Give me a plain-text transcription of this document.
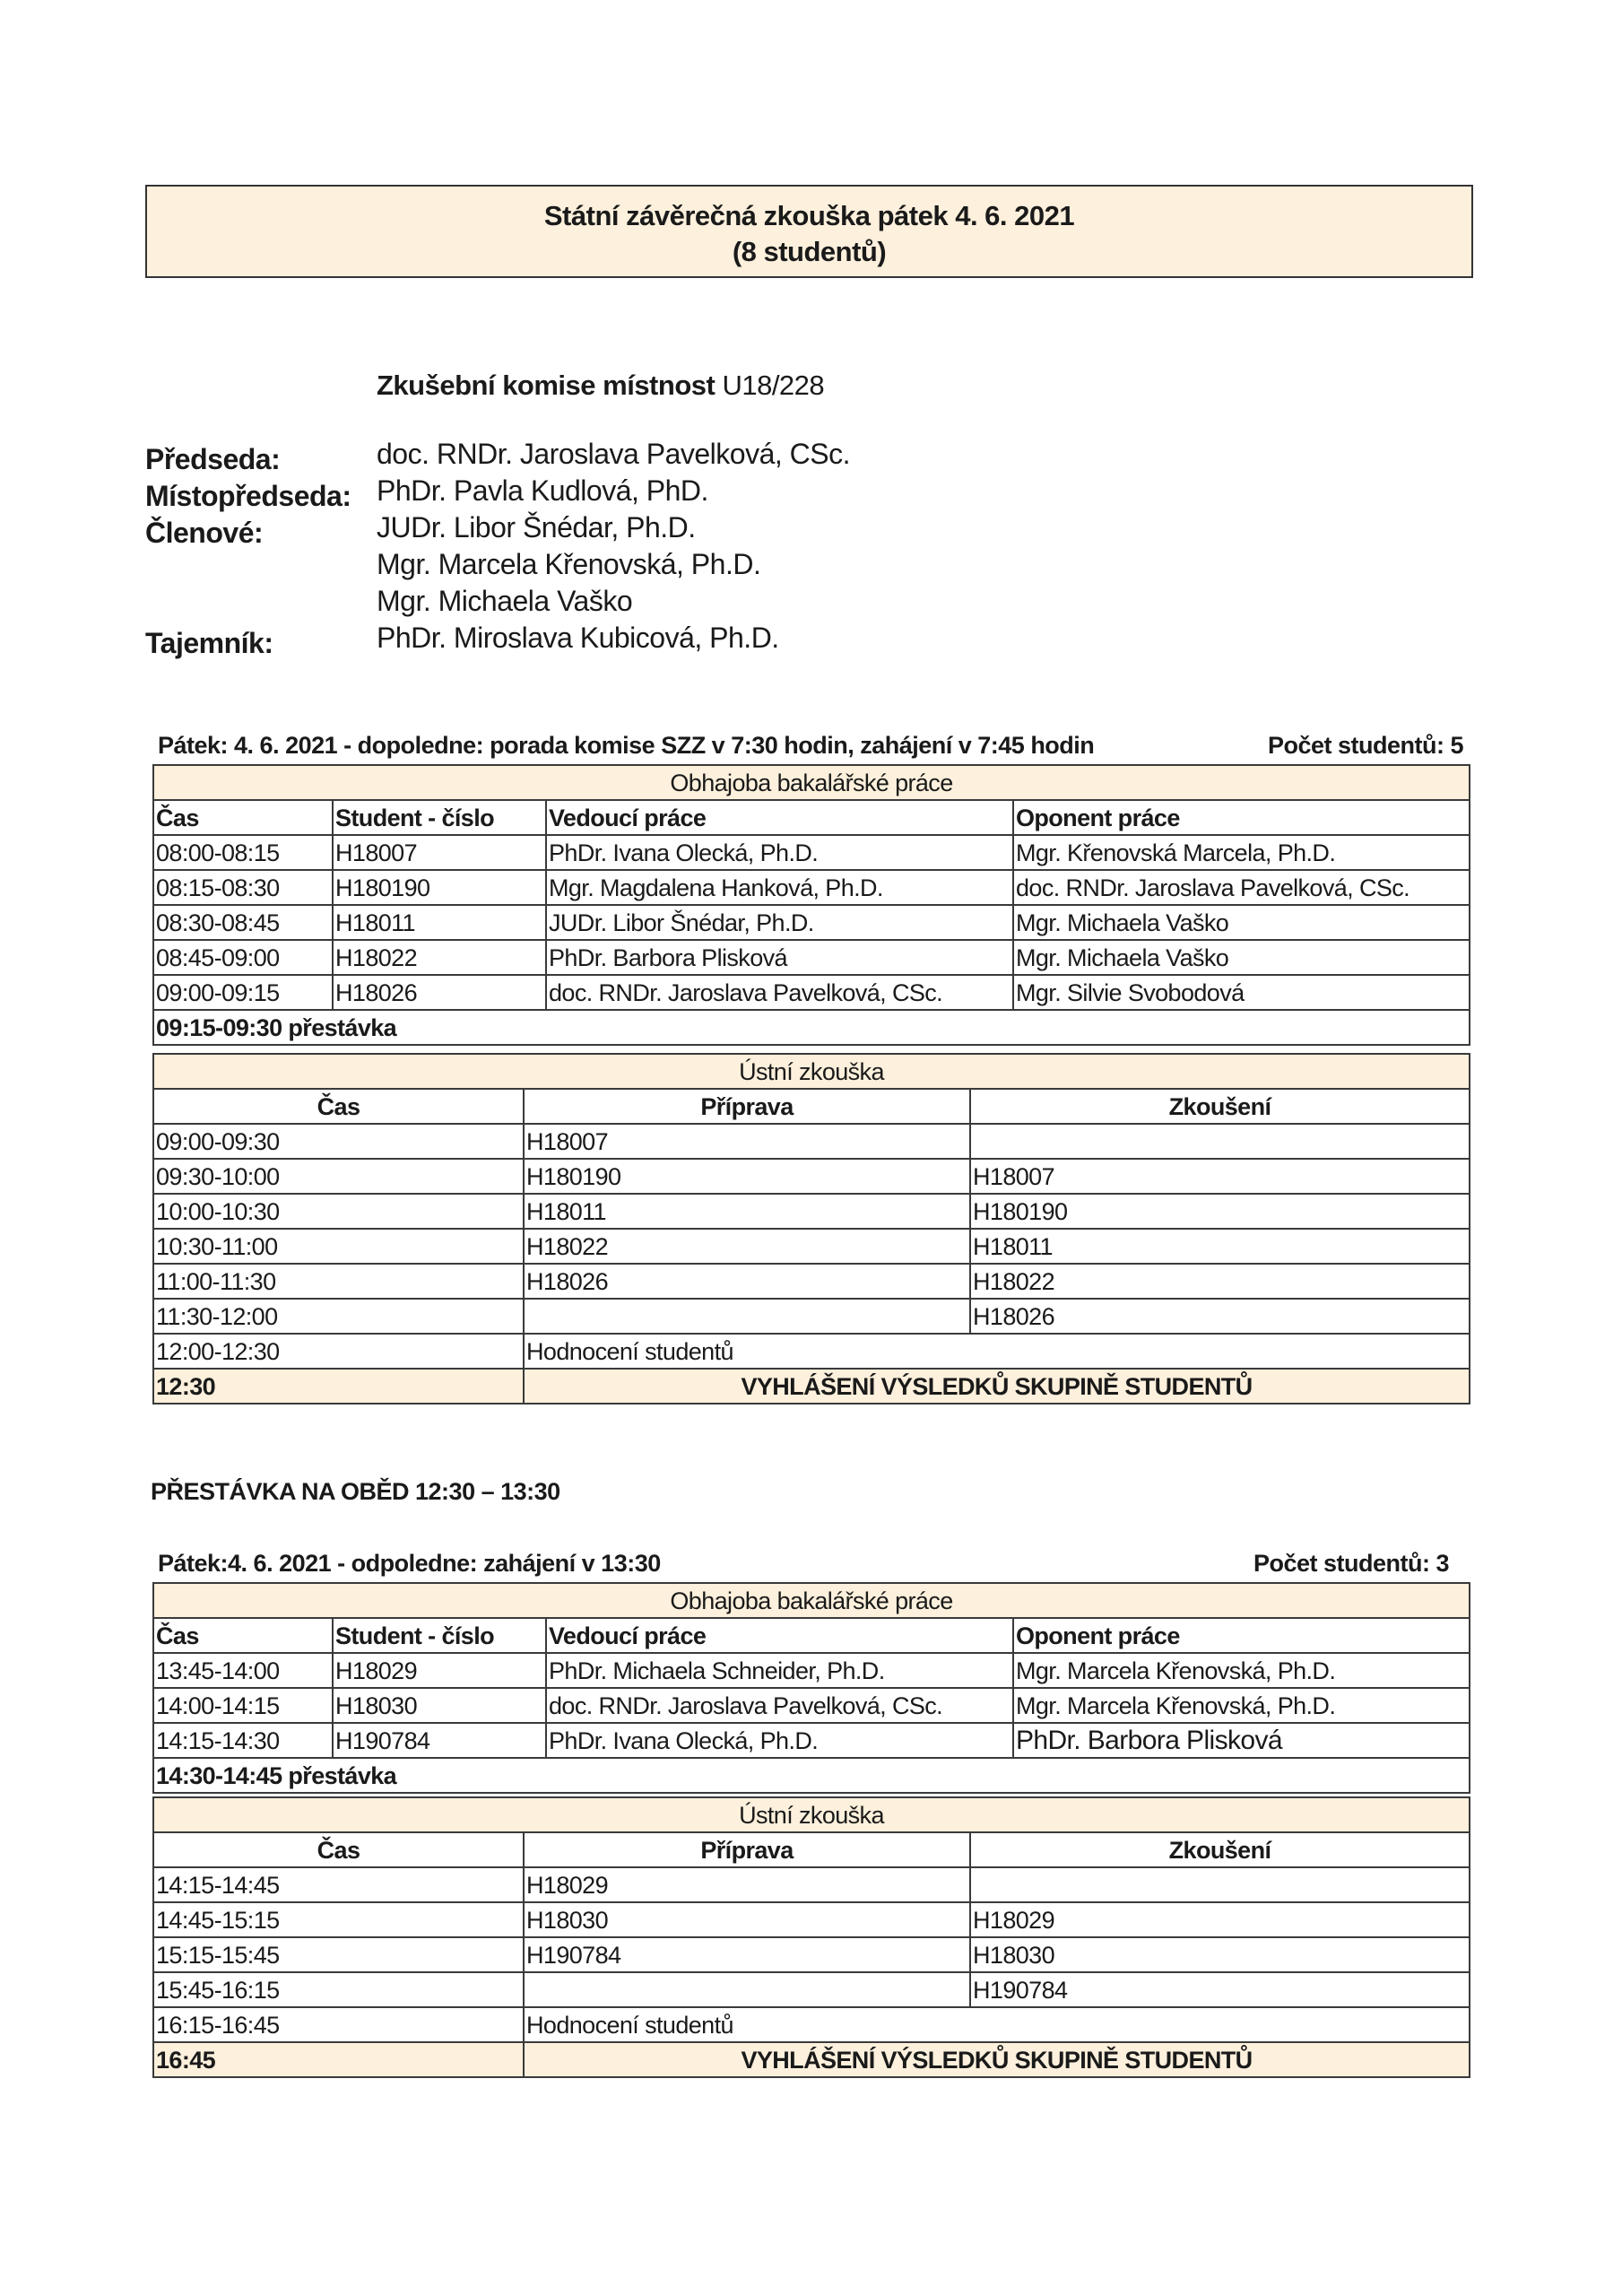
Státní závěrečná zkouška pátek 4. 6. 2021
(8 studentů)
Zkušební komise místnost U18/228
Předseda:	doc. RNDr. Jaroslava Pavelková, CSc.
Místopředseda: PhDr. Pavla Kudlová, PhD.
Členové:	JUDr. Libor Šnédar, Ph.D.
Mgr. Marcela Křenovská, Ph.D.
Mgr. Michaela Vaško
Tajemník:	PhDr. Miroslava Kubicová, Ph.D.
Pátek: 4. 6. 2021 - dopoledne: porada komise SZZ v 7:30 hodin, zahájení v 7:45 hodin	Počet studentů: 5
Obhajoba bakalářské práce			
Čas	Student - číslo	Vedoucí práce	Oponent práce
08:00-08:15	H18007	PhDr. Ivana Olecká, Ph.D.	Mgr. Křenovská Marcela, Ph.D.
08:15-08:30	H180190	Mgr. Magdalena Hanková, Ph.D.	doc. RNDr. Jaroslava Pavelková, CSc.
08:30-08:45	H18011	JUDr. Libor Šnédar, Ph.D.	Mgr. Michaela Vaško
08:45-09:00	H18022	PhDr. Barbora Plisková	Mgr. Michaela Vaško
09:00-09:15	H18026	doc. RNDr. Jaroslava Pavelková, CSc.	Mgr. Silvie Svobodová
09:15-09:30 přestávka			
Ústní zkouška		
Čas	Příprava	Zkoušení
09:00-09:30	H18007	
09:30-10:00	H180190	H18007
10:00-10:30	H18011	H180190
10:30-11:00	H18022	H18011
11:00-11:30	H18026	H18022
11:30-12:00		H18026
12:00-12:30	Hodnocení studentů	
12:30	VYHLÁŠENÍ VÝSLEDKŮ SKUPINĚ STUDENTŮ	
PŘESTÁVKA NA OBĚD 12:30 – 13:30
Pátek:4. 6. 2021 - odpoledne: zahájení v 13:30	Počet studentů: 3
Obhajoba bakalářské práce			
Čas	Student - číslo	Vedoucí práce	Oponent práce
13:45-14:00	H18029	PhDr. Michaela Schneider, Ph.D.	Mgr. Marcela Křenovská, Ph.D.
14:00-14:15	H18030	doc. RNDr. Jaroslava Pavelková, CSc.	Mgr. Marcela Křenovská, Ph.D.
14:15-14:30	H190784	PhDr. Ivana Olecká, Ph.D.	PhDr. Barbora Plisková
14:30-14:45 přestávka			
Ústní zkouška		
Čas	Příprava	Zkoušení
14:15-14:45	H18029	
14:45-15:15	H18030	H18029
15:15-15:45	H190784	H18030
15:45-16:15		H190784
16:15-16:45	Hodnocení studentů	
16:45	VYHLÁŠENÍ VÝSLEDKŮ SKUPINĚ STUDENTŮ	
